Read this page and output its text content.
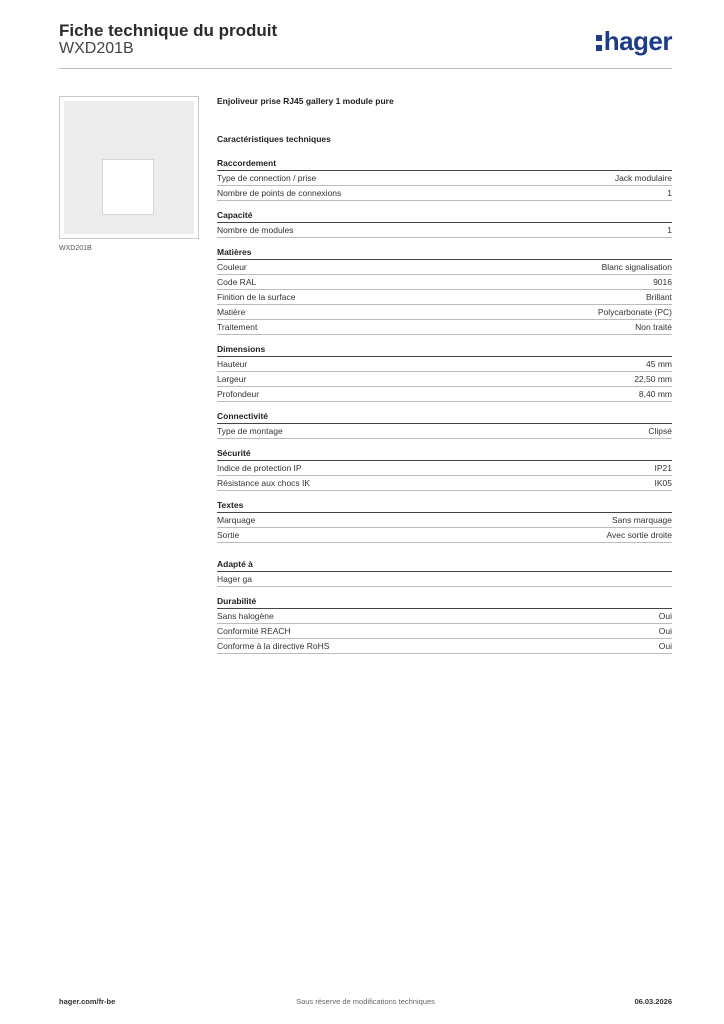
Fiche technique du produit
WXD201B	hager
WXD201B
Enjoliveur prise RJ45 gallery 1 module pure
Caractéristiques techniques
Raccordement
Type de connection / prise	Jack modulaire
Nombre de points de connexions	1
Capacité
Nombre de modules	1
Matières
Couleur	Blanc signalisation
Code RAL	9016
Finition de la surface	Brillant
Matière	Polycarbonate (PC)
Traitement	Non traité
Dimensions
Hauteur	45 mm
Largeur	22,50 mm
Profondeur	8,40 mm
Connectivité
Type de montage	Clipsé
Sécurité
Indice de protection IP	IP21
Résistance aux chocs IK	IK05
Textes
Marquage	Sans marquage
Sortie	Avec sortie droite
Adapté à
Hager ga
Durabilité
Sans halogène	Oui
Conformité REACH	Oui
Conforme à la directive RoHS	Oui
hager.com/fr-be	Sous réserve de modifications techniques	06.03.2026
